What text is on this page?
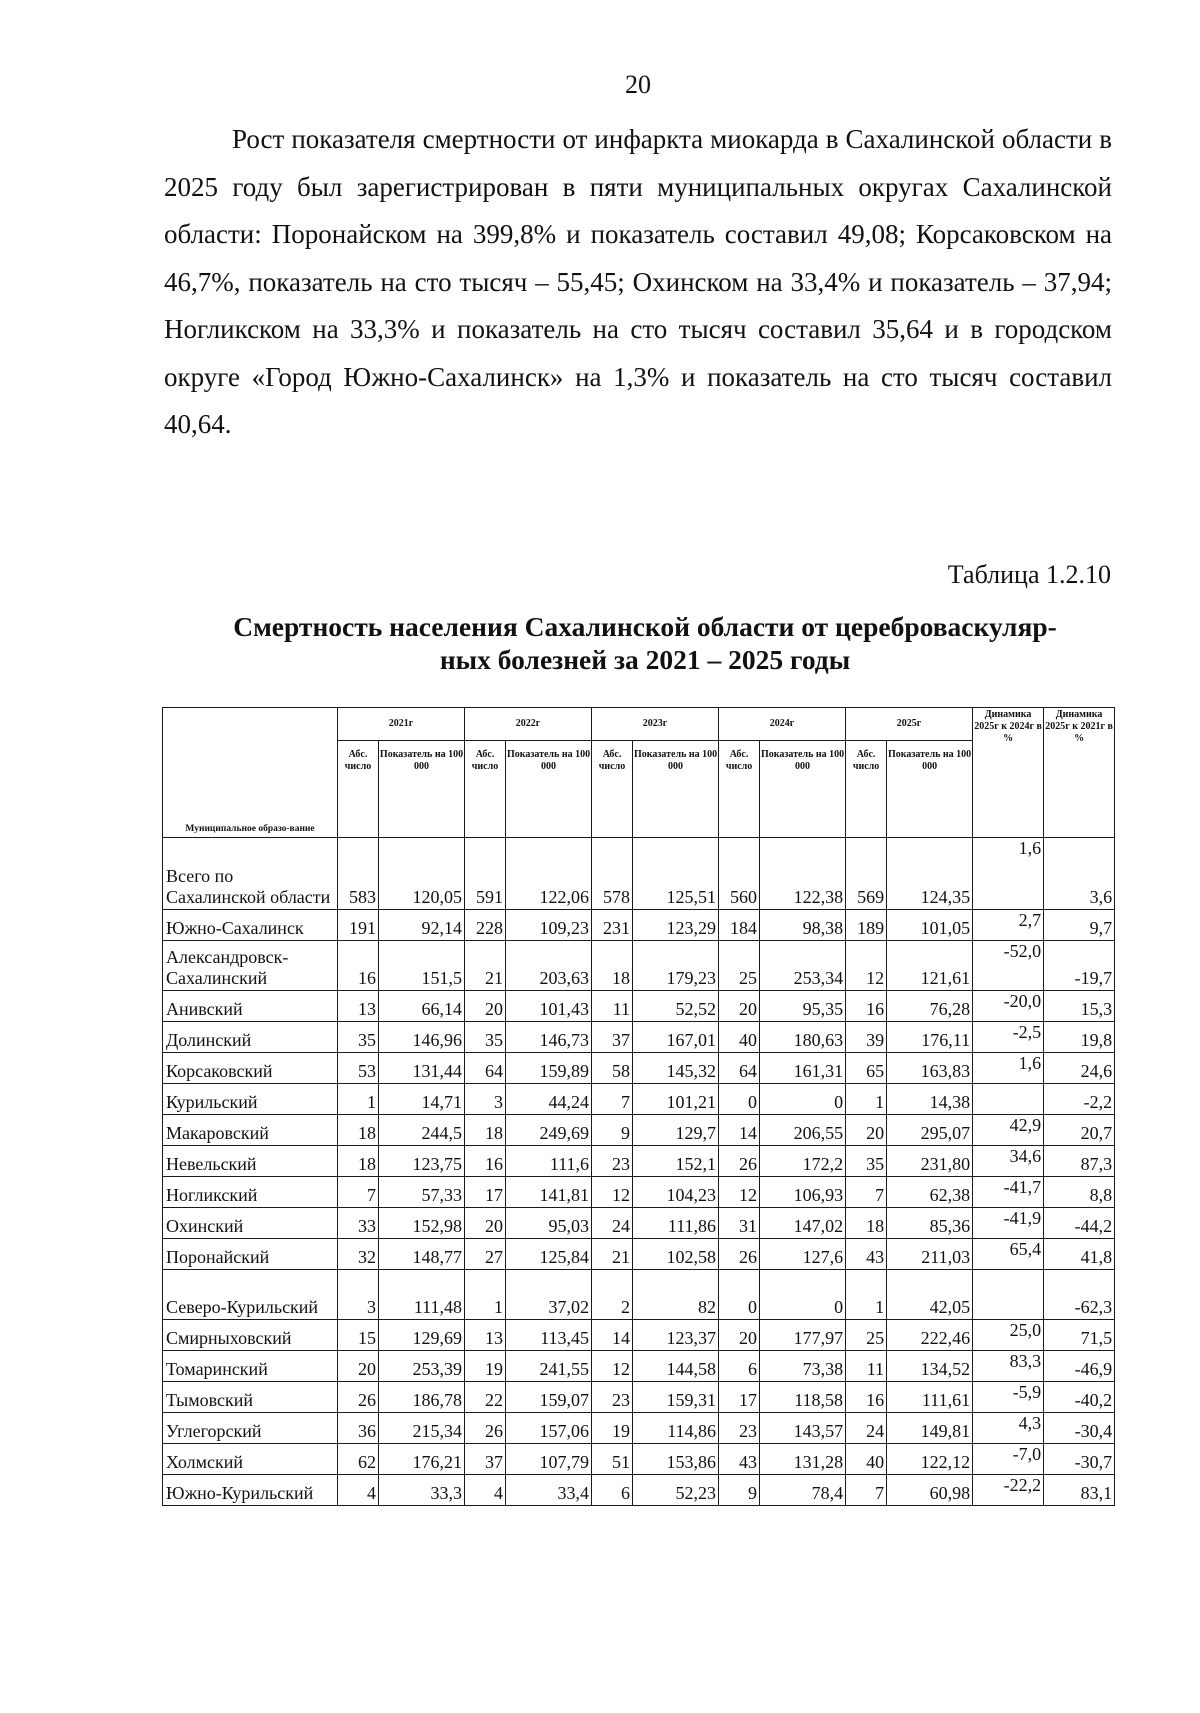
20
Рост показателя смертности от инфаркта миокарда в Сахалинской области в 2025 году был зарегистрирован в пяти муниципальных округах Сахалинской области: Поронайском на 399,8% и показатель составил 49,08; Корсаковском на 46,7%, показатель на сто тысяч – 55,45; Охинском на 33,4% и показатель – 37,94; Ногликском на 33,3% и показатель на сто тысяч составил 35,64 и в городском округе «Город Южно-Сахалинск» на 1,3% и показатель на сто тысяч составил 40,64.
Таблица 1.2.10
Смертность населения Сахалинской области от цереброваскуляр-
ных болезней за 2021 – 2025 годы
Муниципальное образо-вание	2021г		2022г		2023г		2024г		2025г		Динамика 2025г к 2024г в %	Динамика 2025г к 2021г в %
	Абс. число	Показатель на 100 000	Абс. число	Показатель на 100 000	Абс. число	Показатель на 100 000	Абс. число	Показатель на 100 000	Абс. число	Показатель на 100 000		
Всего по Сахалинской области	583	120,05	591	122,06	578	125,51	560	122,38	569	124,35	1,6	3,6
Южно-Сахалинск	191	92,14	228	109,23	231	123,29	184	98,38	189	101,05	2,7	9,7
Александровск-Сахалинский	16	151,5	21	203,63	18	179,23	25	253,34	12	121,61	-52,0	-19,7
Анивский	13	66,14	20	101,43	11	52,52	20	95,35	16	76,28	-20,0	15,3
Долинский	35	146,96	35	146,73	37	167,01	40	180,63	39	176,11	-2,5	19,8
Корсаковский	53	131,44	64	159,89	58	145,32	64	161,31	65	163,83	1,6	24,6
Курильский	1	14,71	3	44,24	7	101,21	0	0	1	14,38		-2,2
Макаровский	18	244,5	18	249,69	9	129,7	14	206,55	20	295,07	42,9	20,7
Невельский	18	123,75	16	111,6	23	152,1	26	172,2	35	231,80	34,6	87,3
Ногликский	7	57,33	17	141,81	12	104,23	12	106,93	7	62,38	-41,7	8,8
Охинский	33	152,98	20	95,03	24	111,86	31	147,02	18	85,36	-41,9	-44,2
Поронайский	32	148,77	27	125,84	21	102,58	26	127,6	43	211,03	65,4	41,8
Северо-Курильский	3	111,48	1	37,02	2	82	0	0	1	42,05		-62,3
Смирныховский	15	129,69	13	113,45	14	123,37	20	177,97	25	222,46	25,0	71,5
Томаринский	20	253,39	19	241,55	12	144,58	6	73,38	11	134,52	83,3	-46,9
Тымовский	26	186,78	22	159,07	23	159,31	17	118,58	16	111,61	-5,9	-40,2
Углегорский	36	215,34	26	157,06	19	114,86	23	143,57	24	149,81	4,3	-30,4
Холмский	62	176,21	37	107,79	51	153,86	43	131,28	40	122,12	-7,0	-30,7
Южно-Курильский	4	33,3	4	33,4	6	52,23	9	78,4	7	60,98	-22,2	83,1
